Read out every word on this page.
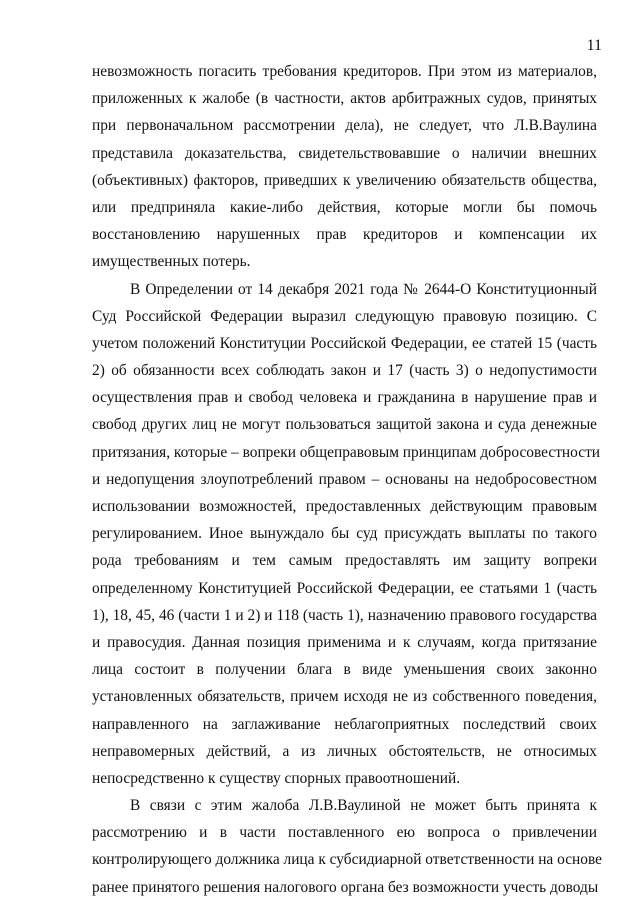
11
невозможность погасить требования кредиторов. При этом из материалов,
приложенных к жалобе (в частности, актов арбитражных судов, принятых
при первоначальном рассмотрении дела), не следует, что Л.В.Ваулина
представила доказательства, свидетельствовавшие о наличии внешних
(объективных) факторов, приведших к увеличению обязательств общества,
или предприняла какие-либо действия, которые могли бы помочь
восстановлению нарушенных прав кредиторов и компенсации их
имущественных потерь.
В Определении от 14 декабря 2021 года № 2644-О Конституционный
Суд Российской Федерации выразил следующую правовую позицию. С
учетом положений Конституции Российской Федерации, ее статей 15 (часть
2) об обязанности всех соблюдать закон и 17 (часть 3) о недопустимости
осуществления прав и свобод человека и гражданина в нарушение прав и
свобод других лиц не могут пользоваться защитой закона и суда денежные
притязания, которые – вопреки общеправовым принципам добросовестности
и недопущения злоупотреблений правом – основаны на недобросовестном
использовании возможностей, предоставленных действующим правовым
регулированием. Иное вынуждало бы суд присуждать выплаты по такого
рода требованиям и тем самым предоставлять им защиту вопреки
определенному Конституцией Российской Федерации, ее статьями 1 (часть
1), 18, 45, 46 (части 1 и 2) и 118 (часть 1), назначению правового государства
и правосудия. Данная позиция применима и к случаям, когда притязание
лица состоит в получении блага в виде уменьшения своих законно
установленных обязательств, причем исходя не из собственного поведения,
направленного на заглаживание неблагоприятных последствий своих
неправомерных действий, а из личных обстоятельств, не относимых
непосредственно к существу спорных правоотношений.
В связи с этим жалоба Л.В.Ваулиной не может быть принята к
рассмотрению и в части поставленного ею вопроса о привлечении
контролирующего должника лица к субсидиарной ответственности на основе
ранее принятого решения налогового органа без возможности учесть доводы
